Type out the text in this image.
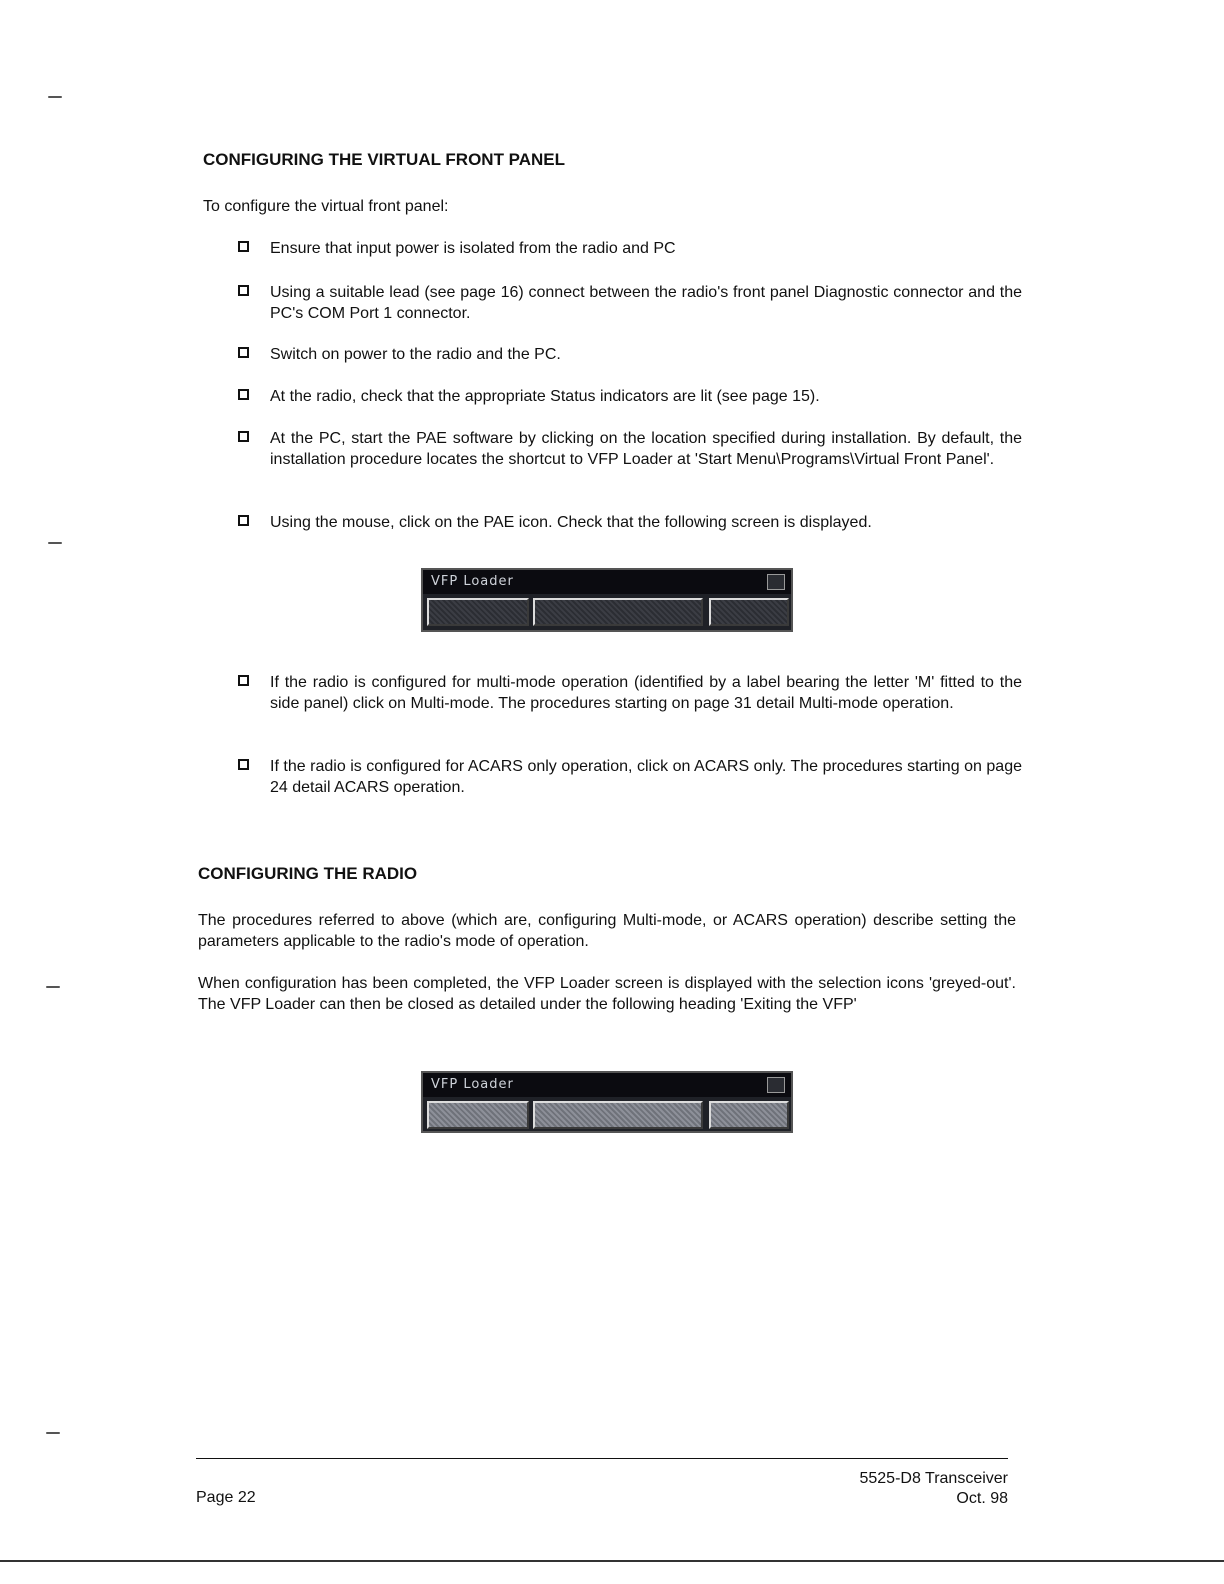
CONFIGURING THE VIRTUAL FRONT PANEL

To configure the virtual front panel:

Ensure that input power is isolated from the radio and PC
Using a suitable lead (see page 16) connect between the radio's front panel Diagnostic connector and the PC's COM Port 1 connector.
Switch on power to the radio and the PC.
At the radio, check that the appropriate Status indicators are lit (see page 15).
At the PC, start the PAE software by clicking on the location specified during installation. By default, the installation procedure locates the shortcut to VFP Loader at 'Start Menu\Programs\Virtual Front Panel'.
Using the mouse, click on the PAE icon. Check that the following screen is displayed.
If the radio is configured for multi-mode operation (identified by a label bearing the letter 'M' fitted to the side panel) click on Multi-mode. The procedures starting on page 31 detail Multi-mode operation.
If the radio is configured for ACARS only operation, click on ACARS only. The procedures starting on page 24 detail ACARS operation.
VFP Loader
CONFIGURING THE RADIO

The procedures referred to above (which are, configuring Multi-mode, or ACARS operation) describe setting the parameters applicable to the radio's mode of operation.

When configuration has been completed, the VFP Loader screen is displayed with the selection icons 'greyed-out'. The VFP Loader can then be closed as detailed under the following heading 'Exiting the VFP'

VFP Loader

Page 22

5525-D8 Transceiver

Oct. 98
